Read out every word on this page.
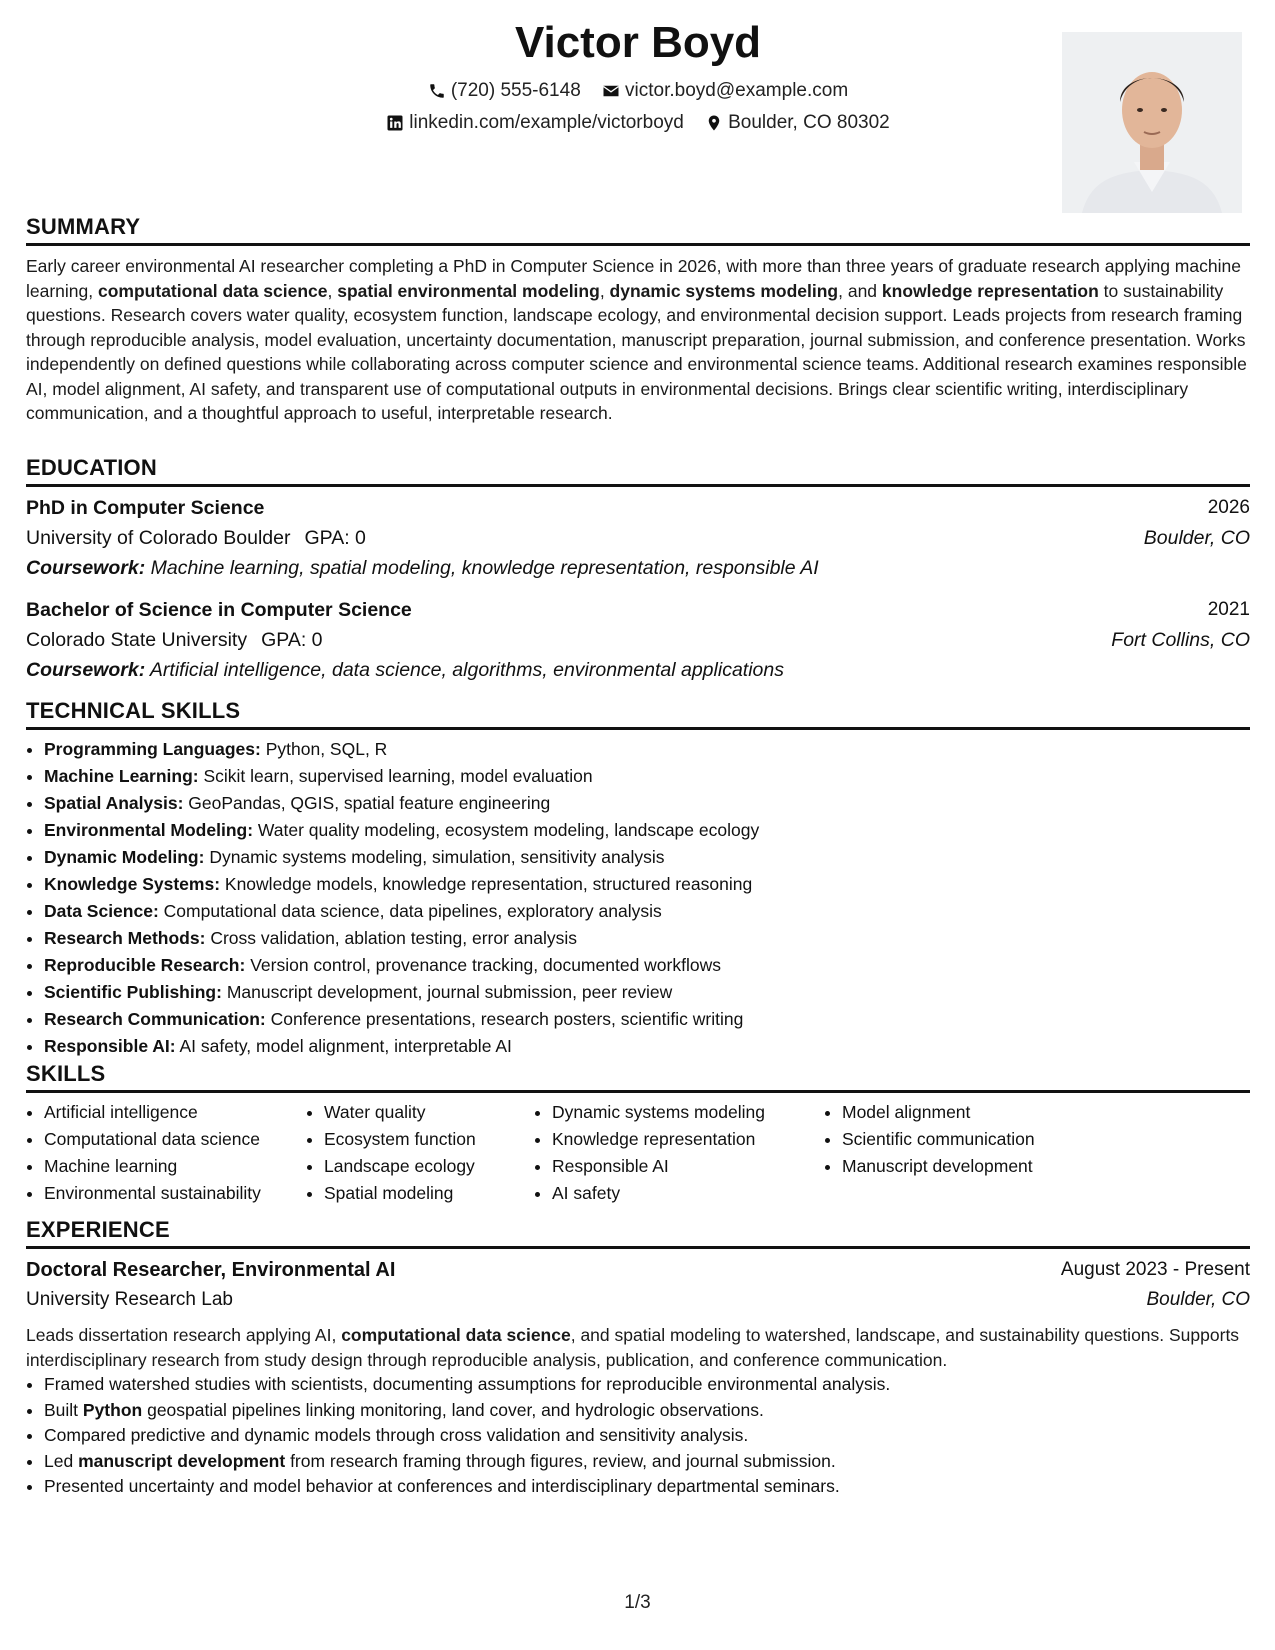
Victor Boyd
(720) 555-6148
victor.boyd@example.com
linkedin.com/example/victorboyd
Boulder, CO 80302
SUMMARY
Early career environmental AI researcher completing a PhD in Computer Science in 2026, with more than three years of graduate research applying machine learning, computational data science, spatial environmental modeling, dynamic systems modeling, and knowledge representation to sustainability questions. Research covers water quality, ecosystem function, landscape ecology, and environmental decision support. Leads projects from research framing through reproducible analysis, model evaluation, uncertainty documentation, manuscript preparation, journal submission, and conference presentation. Works independently on defined questions while collaborating across computer science and environmental science teams. Additional research examines responsible AI, model alignment, AI safety, and transparent use of computational outputs in environmental decisions. Brings clear scientific writing, interdisciplinary communication, and a thoughtful approach to useful, interpretable research.
EDUCATION
PhD in Computer Science	2026
University of Colorado Boulder GPA: 0	Boulder, CO
Coursework: Machine learning, spatial modeling, knowledge representation, responsible AI
Bachelor of Science in Computer Science	2021
Colorado State University GPA: 0	Fort Collins, CO
Coursework: Artificial intelligence, data science, algorithms, environmental applications
TECHNICAL SKILLS
• Programming Languages: Python, SQL, R
• Machine Learning: Scikit learn, supervised learning, model evaluation
• Spatial Analysis: GeoPandas, QGIS, spatial feature engineering
• Environmental Modeling: Water quality modeling, ecosystem modeling, landscape ecology
• Dynamic Modeling: Dynamic systems modeling, simulation, sensitivity analysis
• Knowledge Systems: Knowledge models, knowledge representation, structured reasoning
• Data Science: Computational data science, data pipelines, exploratory analysis
• Research Methods: Cross validation, ablation testing, error analysis
• Reproducible Research: Version control, provenance tracking, documented workflows
• Scientific Publishing: Manuscript development, journal submission, peer review
• Research Communication: Conference presentations, research posters, scientific writing
• Responsible AI: AI safety, model alignment, interpretable AI
SKILLS
• Artificial intelligence
• Computational data science
• Machine learning
• Environmental sustainability
• Water quality
• Ecosystem function
• Landscape ecology
• Spatial modeling
• Dynamic systems modeling
• Knowledge representation
• Responsible AI
• AI safety
• Model alignment
• Scientific communication
• Manuscript development
EXPERIENCE
Doctoral Researcher, Environmental AI	August 2023 - Present
University Research Lab	Boulder, CO
Leads dissertation research applying AI, computational data science, and spatial modeling to watershed, landscape, and sustainability questions. Supports interdisciplinary research from study design through reproducible analysis, publication, and conference communication.
• Framed watershed studies with scientists, documenting assumptions for reproducible environmental analysis.
• Built Python geospatial pipelines linking monitoring, land cover, and hydrologic observations.
• Compared predictive and dynamic models through cross validation and sensitivity analysis.
• Led manuscript development from research framing through figures, review, and journal submission.
• Presented uncertainty and model behavior at conferences and interdisciplinary departmental seminars.
1/3
